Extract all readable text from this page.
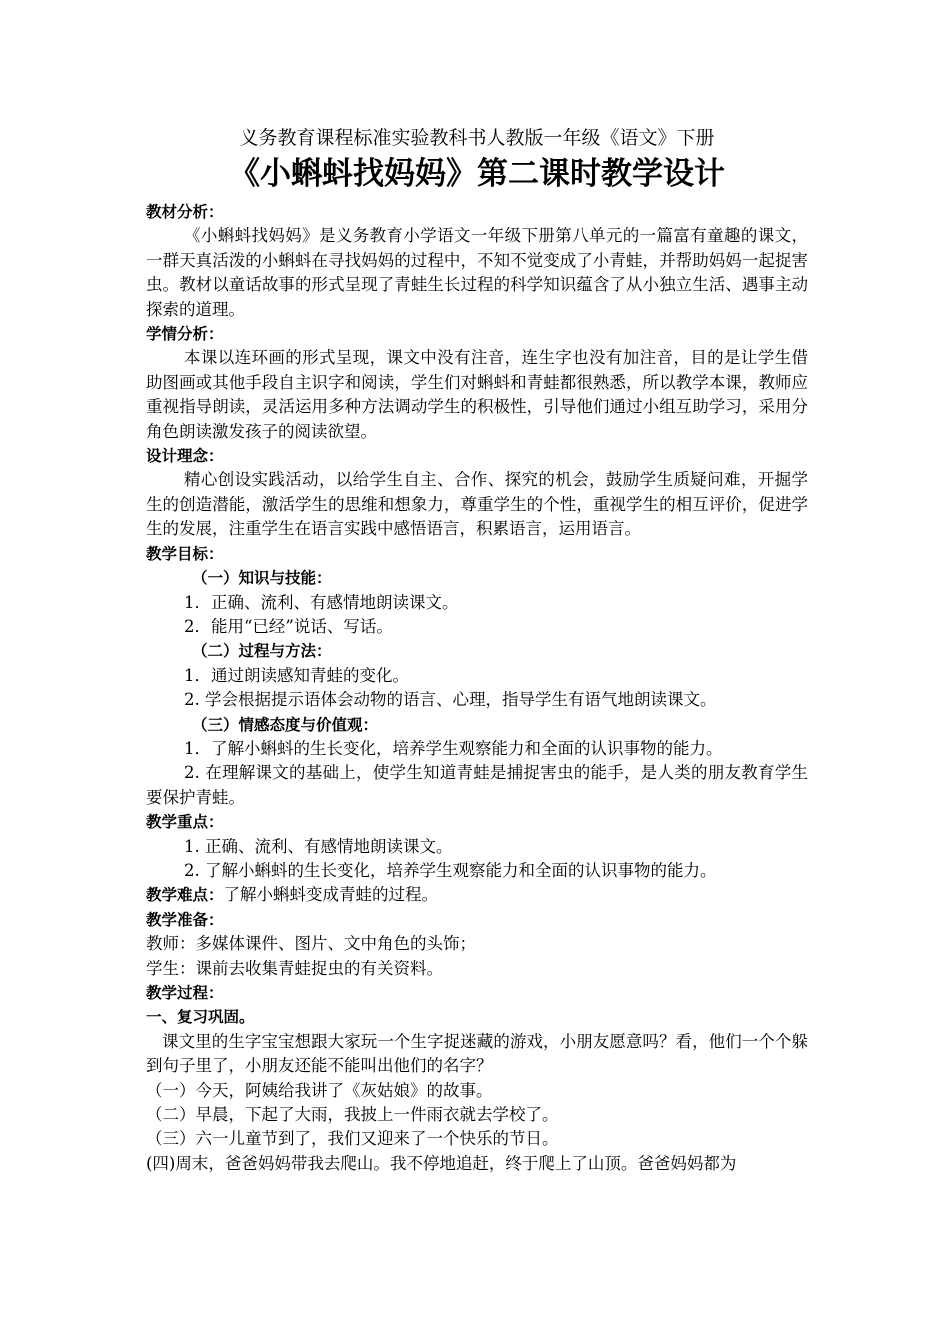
义务教育课程标准实验教科书人教版一年级《语文》下册

《小蝌蚪找妈妈》第二课时教学设计

教材分析：

《小蝌蚪找妈妈》是义务教育小学语文一年级下册第八单元的一篇富有童趣的课文，一群天真活泼的小蝌蚪在寻找妈妈的过程中，不知不觉变成了小青蛙，并帮助妈妈一起捉害虫。教材以童话故事的形式呈现了青蛙生长过程的科学知识蕴含了从小独立生活、遇事主动探索的道理。

学情分析：

本课以连环画的形式呈现，课文中没有注音，连生字也没有加注音，目的是让学生借助图画或其他手段自主识字和阅读，学生们对蝌蚪和青蛙都很熟悉，所以教学本课，教师应重视指导朗读，灵活运用多种方法调动学生的积极性，引导他们通过小组互助学习，采用分角色朗读激发孩子的阅读欲望。

设计理念：

精心创设实践活动，以给学生自主、合作、探究的机会，鼓励学生质疑问难，开掘学生的创造潜能，激活学生的思维和想象力，尊重学生的个性，重视学生的相互评价，促进学生的发展，注重学生在语言实践中感悟语言，积累语言，运用语言。

教学目标：

（一）知识与技能：

1．正确、流利、有感情地朗读课文。

2．能用“已经”说话、写话。

（二）过程与方法：

1．通过朗读感知青蛙的变化。

2. 学会根据提示语体会动物的语言、心理，指导学生有语气地朗读课文。

（三）情感态度与价值观：

1．了解小蝌蚪的生长变化，培养学生观察能力和全面的认识事物的能力。

2. 在理解课文的基础上，使学生知道青蛙是捕捉害虫的能手，是人类的朋友教育学生要保护青蛙。

教学重点：

1. 正确、流利、有感情地朗读课文。

2. 了解小蝌蚪的生长变化，培养学生观察能力和全面的认识事物的能力。

教学难点：了解小蝌蚪变成青蛙的过程。

教学准备：

教师：多媒体课件、图片、文中角色的头饰；

学生：课前去收集青蛙捉虫的有关资料。

教学过程：

一、复习巩固。

课文里的生字宝宝想跟大家玩一个生字捉迷藏的游戏，小朋友愿意吗？看，他们一个个躲到句子里了，小朋友还能不能叫出他们的名字？

（一）今天，阿姨给我讲了《灰姑娘》的故事。

（二）早晨，下起了大雨，我披上一件雨衣就去学校了。

（三）六一儿童节到了，我们又迎来了一个快乐的节日。

(四)周末，爸爸妈妈带我去爬山。我不停地追赶，终于爬上了山顶。爸爸妈妈都为
